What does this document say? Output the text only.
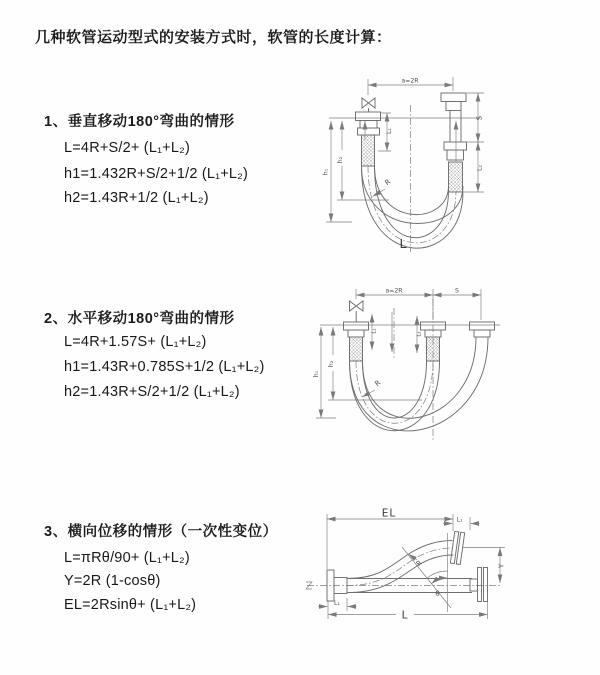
几种软管运动型式的安装方式时，软管的长度计算：
1、垂直移动180°弯曲的情形
L=4R+S/2+ (L₁+L₂)
h1=1.432R+S/2+1/2 (L₁+L₂)
h2=1.43R+1/2 (L₁+L₂)
2、水平移动180°弯曲的情形
L=4R+1.57S+ (L₁+L₂)
h1=1.43R+0.785S+1/2 (L₁+L₂)
h2=1.43R+S/2+1/2 (L₁+L₂)
3、横向位移的情形（一次性变位）
L=πRθ/90+ (L₁+L₂)
Y=2R (1-cosθ)
EL=2Rsinθ+ (L₁+L₂)
a=2R
L₁
S
L₂
h₁
h₂
R
L
a=2R	S
L₁
L₂
h₁
h₂
R
EL
L₁
Y
θ
R
L
L₁
